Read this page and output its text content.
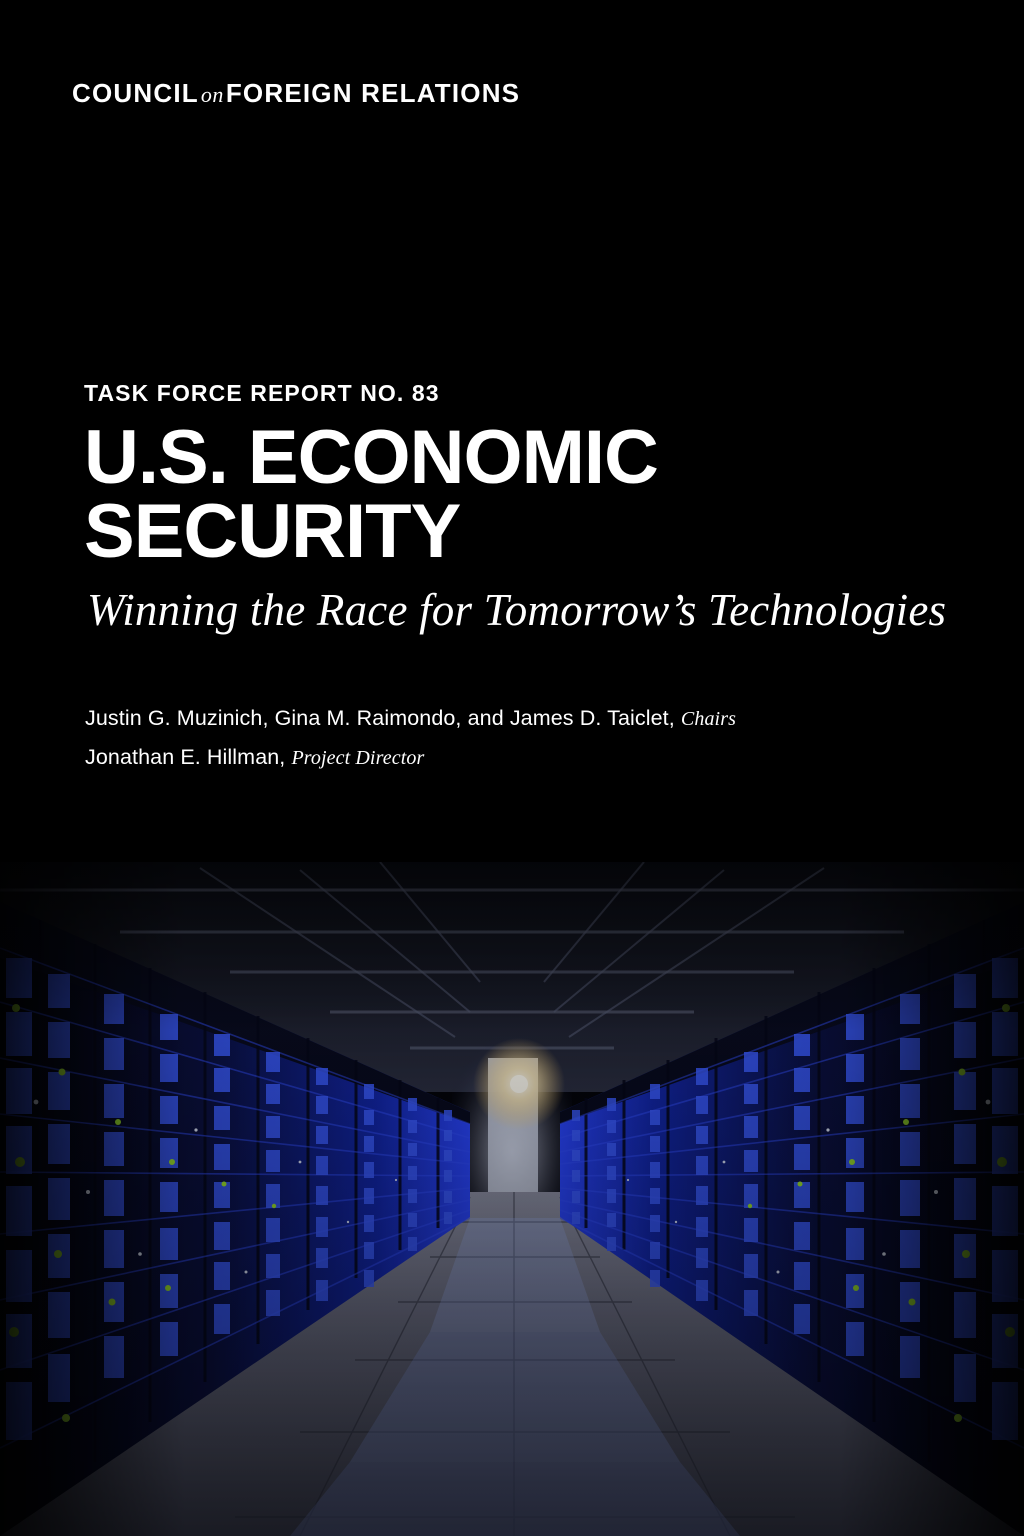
COUNCILonFOREIGN RELATIONS
TASK FORCE REPORT NO. 83
U.S. ECONOMIC
SECURITY
Winning the Race for Tomorrow’s Technologies

Justin G. Muzinich, Gina M. Raimondo, and James D. Taiclet, Chairs

Jonathan E. Hillman, Project Director
